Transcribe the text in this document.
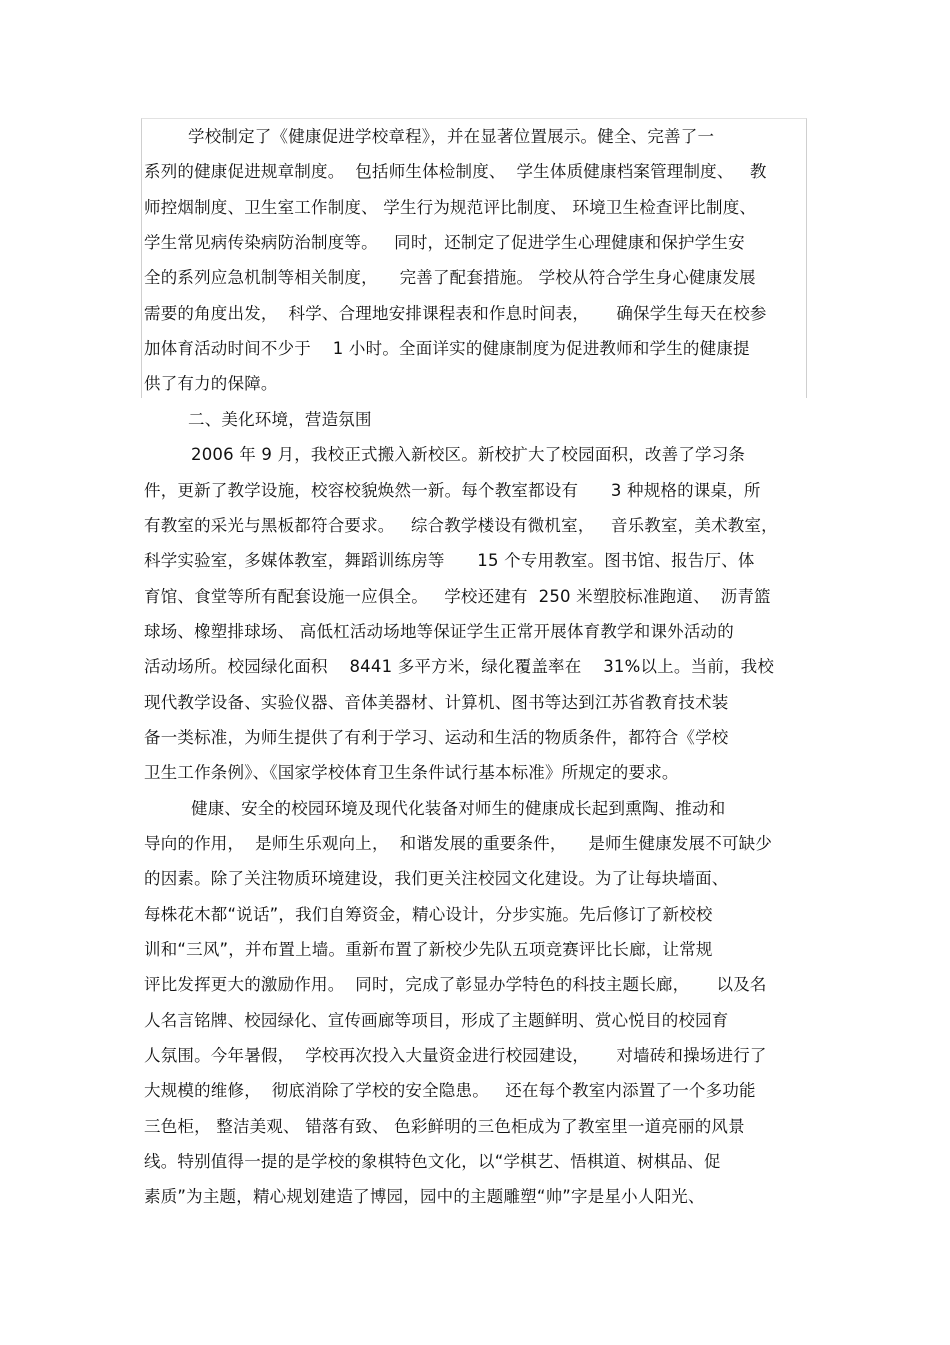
学校制定了《健康促进学校章程》，并在显著位置展示。健全、完善了一
系列的健康促进规章制度。  包括师生体检制度、  学生体质健康档案管理制度、   教
师控烟制度、卫生室工作制度、 学生行为规范评比制度、 环境卫生检查评比制度、
学生常见病传染病防治制度等。   同时，还制定了促进学生心理健康和保护学生安
全的系列应急机制等相关制度，    完善了配套措施。 学校从符合学生身心健康发展
需要的角度出发，  科学、合理地安排课程表和作息时间表，     确保学生每天在校参
加体育活动时间不少于    1 小时。全面详实的健康制度为促进教师和学生的健康提
供了有力的保障。
二、美化环境，营造氛围
2006 年 9 月，我校正式搬入新校区。新校扩大了校园面积，改善了学习条
件，更新了教学设施，校容校貌焕然一新。每个教室都设有      3 种规格的课桌，所
有教室的采光与黑板都符合要求。   综合教学楼设有微机室，   音乐教室，美术教室，
科学实验室，多媒体教室，舞蹈训练房等      15 个专用教室。图书馆、报告厅、体
育馆、食堂等所有配套设施一应俱全。   学校还建有  250 米塑胶标准跑道、  沥青篮
球场、橡塑排球场、 高低杠活动场地等保证学生正常开展体育教学和课外活动的
活动场所。校园绿化面积    8441 多平方米，绿化覆盖率在    31%以上。当前，我校
现代教学设备、实验仪器、音体美器材、计算机、图书等达到江苏省教育技术装
备一类标准，为师生提供了有利于学习、运动和生活的物质条件，都符合《学校
卫生工作条例》、《国家学校体育卫生条件试行基本标准》所规定的要求。
健康、安全的校园环境及现代化装备对师生的健康成长起到熏陶、推动和
导向的作用，  是师生乐观向上，  和谐发展的重要条件，    是师生健康发展不可缺少
的因素。除了关注物质环境建设，我们更关注校园文化建设。为了让每块墙面、
每株花木都“说话”，我们自筹资金，精心设计，分步实施。先后修订了新校校
训和“三风”，并布置上墙。重新布置了新校少先队五项竞赛评比长廊，让常规
评比发挥更大的激励作用。  同时，完成了彰显办学特色的科技主题长廊，     以及名
人名言铭牌、校园绿化、宣传画廊等项目，形成了主题鲜明、赏心悦目的校园育
人氛围。今年暑假，  学校再次投入大量资金进行校园建设，     对墙砖和操场进行了
大规模的维修，  彻底消除了学校的安全隐患。   还在每个教室内添置了一个多功能
三色柜， 整洁美观、 错落有致、 色彩鲜明的三色柜成为了教室里一道亮丽的风景
线。特别值得一提的是学校的象棋特色文化，以“学棋艺、悟棋道、树棋品、促
素质”为主题，精心规划建造了博园，园中的主题雕塑“帅”字是星小人阳光、
